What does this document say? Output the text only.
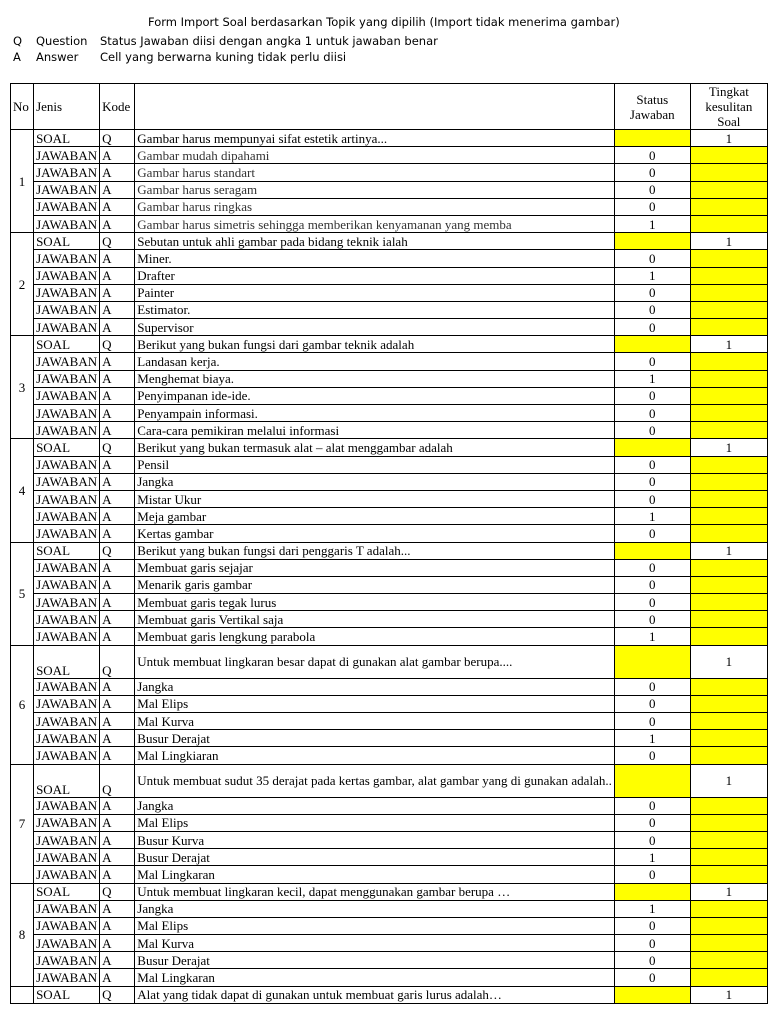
Form Import Soal berdasarkan Topik yang dipilih (Import tidak menerima gambar)
Q Question Status Jawaban diisi dengan angka 1 untuk jawaban benar
A Answer Cell yang berwarna kuning tidak perlu diisi
No	Jenis	Kode		Status Jawaban	Tingkat kesulitan Soal
1	SOAL	Q	Gambar harus mempunyai sifat estetik artinya...		1
	JAWABAN	A	Gambar mudah dipahami	0	
	JAWABAN	A	Gambar harus standart	0	
	JAWABAN	A	Gambar harus seragam	0	
	JAWABAN	A	Gambar harus ringkas	0	
	JAWABAN	A	Gambar harus simetris sehingga memberikan kenyamanan yang memba	1	
2	SOAL	Q	Sebutan untuk ahli gambar pada bidang teknik ialah		1
	JAWABAN	A	Miner.	0	
	JAWABAN	A	Drafter	1	
	JAWABAN	A	Painter	0	
	JAWABAN	A	Estimator.	0	
	JAWABAN	A	Supervisor	0	
3	SOAL	Q	Berikut yang bukan fungsi dari gambar teknik adalah		1
	JAWABAN	A	Landasan kerja.	0	
	JAWABAN	A	Menghemat biaya.	1	
	JAWABAN	A	Penyimpanan ide-ide.	0	
	JAWABAN	A	Penyampain informasi.	0	
	JAWABAN	A	Cara-cara pemikiran melalui informasi	0	
4	SOAL	Q	Berikut yang bukan termasuk alat – alat menggambar adalah		1
	JAWABAN	A	Pensil	0	
	JAWABAN	A	Jangka	0	
	JAWABAN	A	Mistar Ukur	0	
	JAWABAN	A	Meja gambar	1	
	JAWABAN	A	Kertas gambar	0	
5	SOAL	Q	Berikut yang bukan fungsi dari penggaris T adalah...		1
	JAWABAN	A	Membuat garis sejajar	0	
	JAWABAN	A	Menarik garis gambar	0	
	JAWABAN	A	Membuat garis tegak lurus	0	
	JAWABAN	A	Membuat garis Vertikal saja	0	
	JAWABAN	A	Membuat garis lengkung parabola	1	
6	SOAL	Q	Untuk membuat lingkaran besar dapat di gunakan alat gambar berupa....		1
	JAWABAN	A	Jangka	0	
	JAWABAN	A	Mal Elips	0	
	JAWABAN	A	Mal Kurva	0	
	JAWABAN	A	Busur Derajat	1	
	JAWABAN	A	Mal Lingkiaran	0	
7	SOAL	Q	Untuk membuat sudut 35 derajat pada kertas gambar, alat gambar yang di gunakan adalah..		1
	JAWABAN	A	Jangka	0	
	JAWABAN	A	Mal Elips	0	
	JAWABAN	A	Busur Kurva	0	
	JAWABAN	A	Busur Derajat	1	
	JAWABAN	A	Mal Lingkaran	0	
8	SOAL	Q	Untuk membuat lingkaran kecil, dapat menggunakan gambar berupa …		1
	JAWABAN	A	Jangka	1	
	JAWABAN	A	Mal Elips	0	
	JAWABAN	A	Mal Kurva	0	
	JAWABAN	A	Busur Derajat	0	
	JAWABAN	A	Mal Lingkaran	0	
	SOAL	Q	Alat yang tidak dapat di gunakan untuk membuat garis lurus adalah…		1
